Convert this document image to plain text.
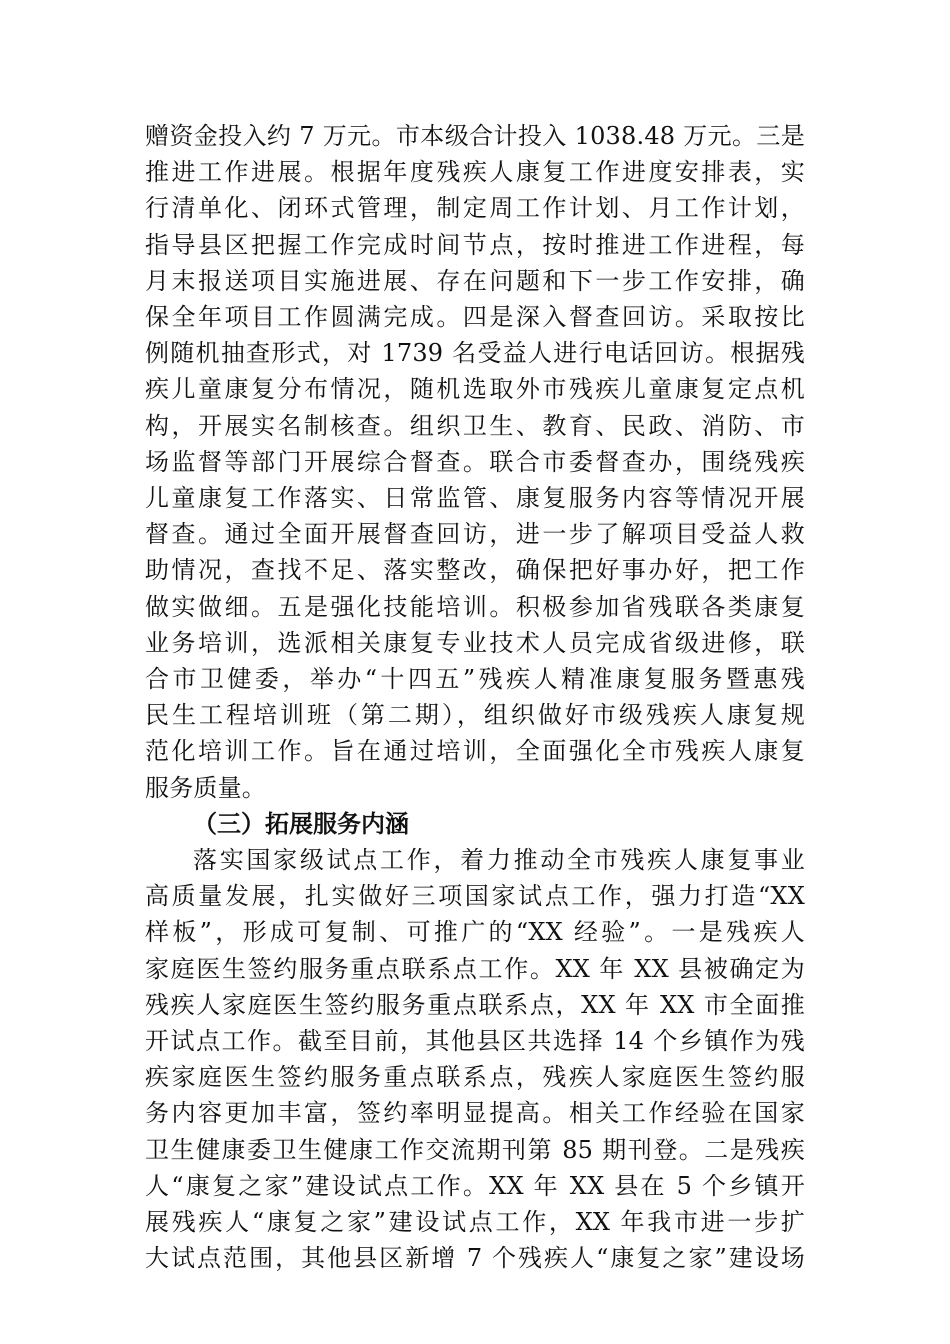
赠资金投入约 7 万元。市本级合计投入 1038.48 万元。三是
推进工作进展。根据年度残疾人康复工作进度安排表，实
行清单化、闭环式管理，制定周工作计划、月工作计划，
指导县区把握工作完成时间节点，按时推进工作进程，每
月末报送项目实施进展、存在问题和下一步工作安排，确
保全年项目工作圆满完成。四是深入督查回访。采取按比
例随机抽查形式，对 1739 名受益人进行电话回访。根据残
疾儿童康复分布情况，随机选取外市残疾儿童康复定点机
构，开展实名制核查。组织卫生、教育、民政、消防、市
场监督等部门开展综合督查。联合市委督查办，围绕残疾
儿童康复工作落实、日常监管、康复服务内容等情况开展
督查。通过全面开展督查回访，进一步了解项目受益人救
助情况，查找不足、落实整改，确保把好事办好，把工作
做实做细。五是强化技能培训。积极参加省残联各类康复
业务培训，选派相关康复专业技术人员完成省级进修，联
合市卫健委，举办“十四五”残疾人精准康复服务暨惠残
民生工程培训班（第二期），组织做好市级残疾人康复规
范化培训工作。旨在通过培训，全面强化全市残疾人康复
服务质量。

（三）拓展服务内涵

落实国家级试点工作，着力推动全市残疾人康复事业
高质量发展，扎实做好三项国家试点工作，强力打造“XX
样板”，形成可复制、可推广的“XX 经验”。一是残疾人
家庭医生签约服务重点联系点工作。XX 年 XX 县被确定为
残疾人家庭医生签约服务重点联系点，XX 年 XX 市全面推
开试点工作。截至目前，其他县区共选择 14 个乡镇作为残
疾家庭医生签约服务重点联系点，残疾人家庭医生签约服
务内容更加丰富，签约率明显提高。相关工作经验在国家
卫生健康委卫生健康工作交流期刊第 85 期刊登。二是残疾
人“康复之家”建设试点工作。XX 年 XX 县在 5 个乡镇开
展残疾人“康复之家”建设试点工作，XX 年我市进一步扩
大试点范围，其他县区新增 7 个残疾人“康复之家”建设场
